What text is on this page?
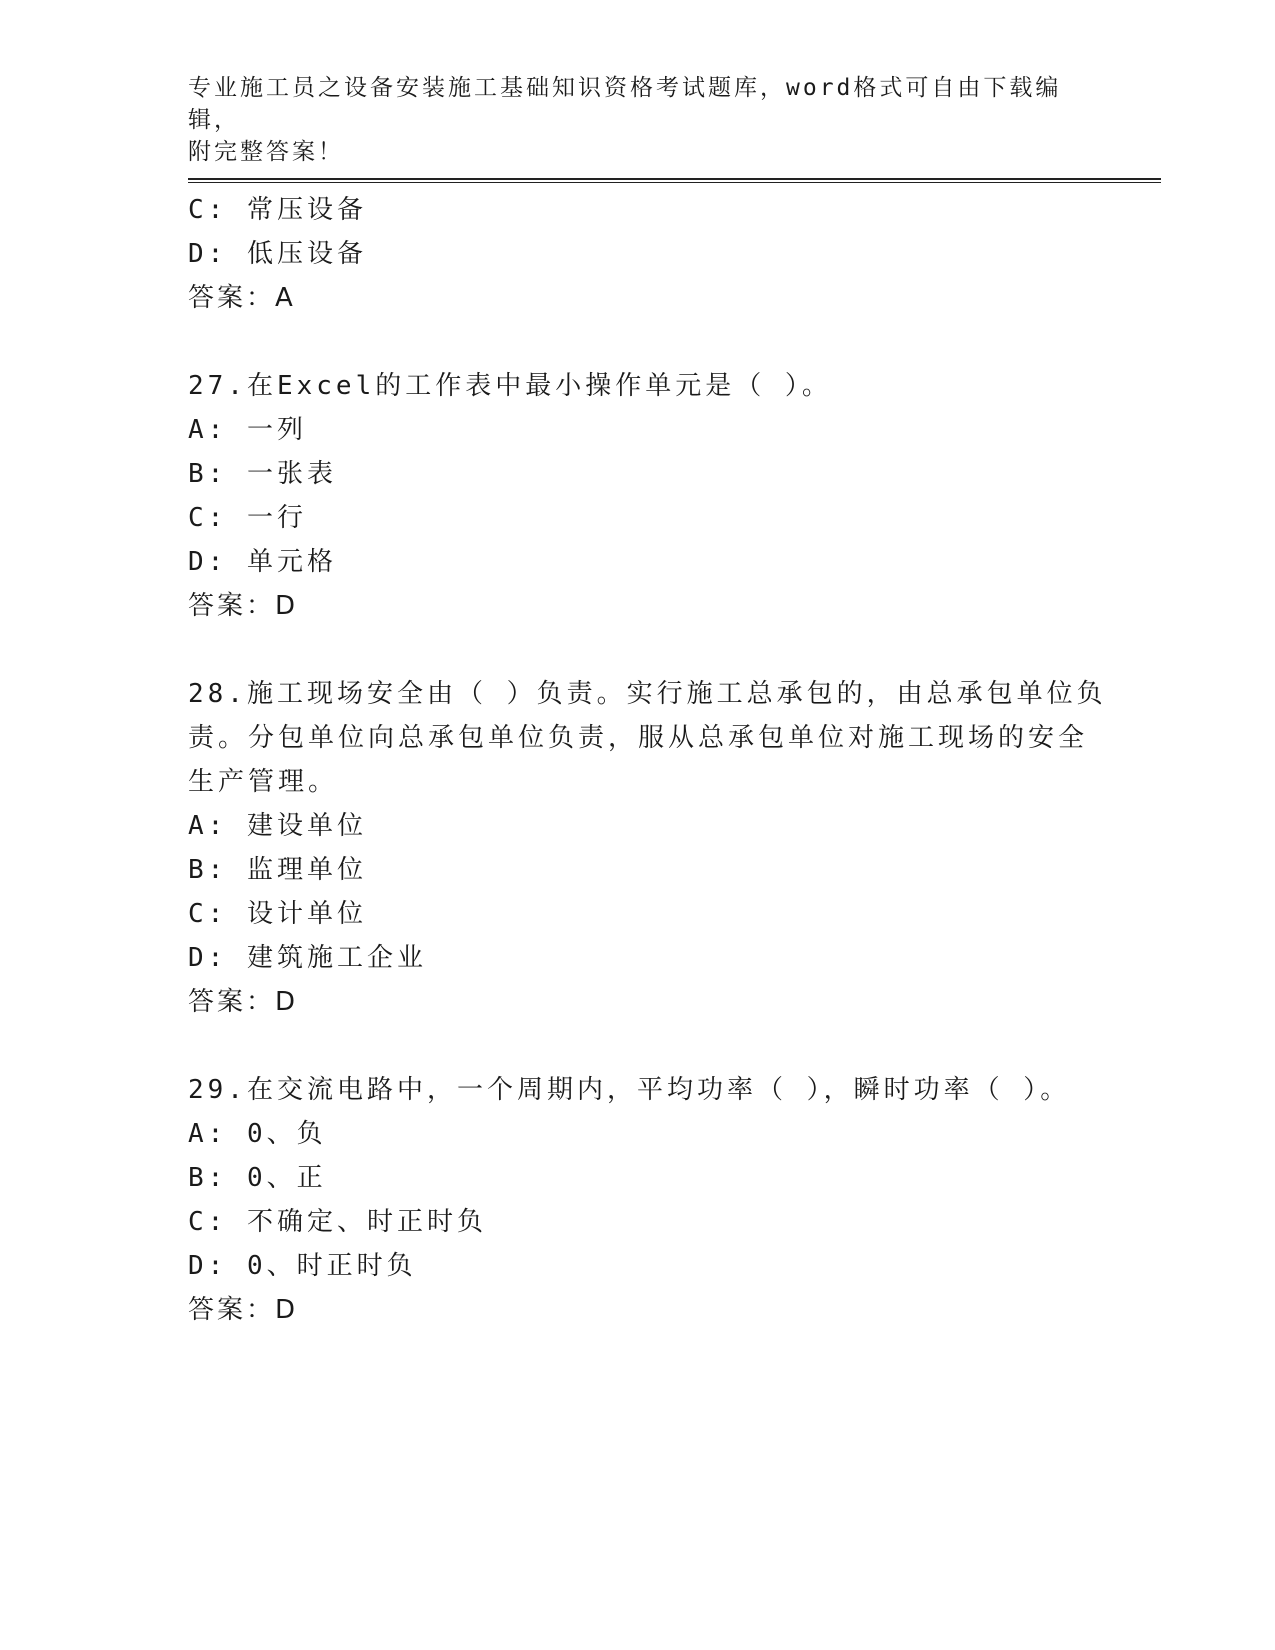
专业施工员之设备安装施工基础知识资格考试题库，word格式可自由下载编辑，
附完整答案！
C: 常压设备
D: 低压设备
答案：A
27.在Excel的工作表中最小操作单元是（ ）。
A: 一列
B: 一张表
C: 一行
D: 单元格
答案：D
28.施工现场安全由（ ）负责。实行施工总承包的，由总承包单位负
责。分包单位向总承包单位负责，服从总承包单位对施工现场的安全
生产管理。
A: 建设单位
B: 监理单位
C: 设计单位
D: 建筑施工企业
答案：D
29.在交流电路中，一个周期内，平均功率（ ），瞬时功率（ ）。
A: 0、负
B: 0、正
C: 不确定、时正时负
D: 0、时正时负
答案：D
